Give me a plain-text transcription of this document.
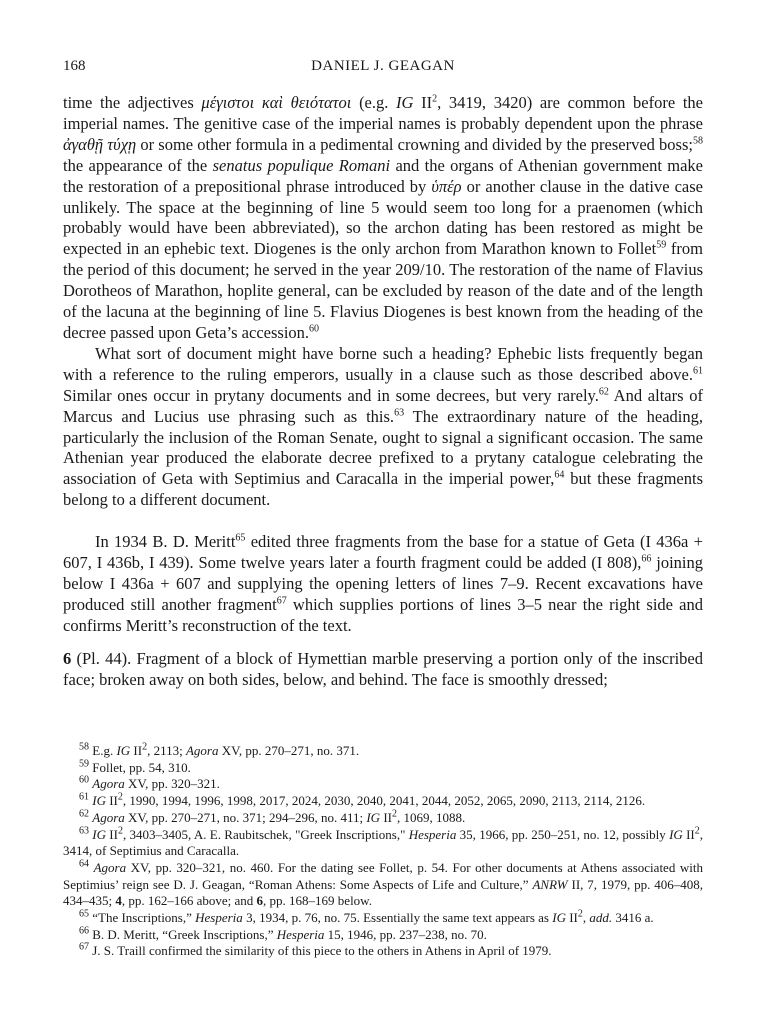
168	DANIEL J. GEAGAN

time the adjectives μέγιστοι καὶ θειότατοι (e.g. IG $II^2$, 3419, 3420) are common before the imperial names. The genitive case of the imperial names is probably dependent upon the phrase ἀγαθῇ τύχῃ or some other formula in a pedimental crowning and divided by the preserved boss;$^{58}$ the appearance of the senatus populique Romani and the organs of Athenian government make the restoration of a prepositional phrase introduced by ὑπέρ or another clause in the dative case unlikely. The space at the beginning of line 5 would seem too long for a praenomen (which probably would have been abbreviated), so the archon dating has been restored as might be expected in an ephebic text. Diogenes is the only archon from Marathon known to Follet$^{59}$ from the period of this document; he served in the year 209/10. The restoration of the name of Flavius Dorotheos of Marathon, hoplite general, can be excluded by reason of the date and of the length of the lacuna at the beginning of line 5. Flavius Diogenes is best known from the heading of the decree passed upon Geta’s accession.$^{60}$

What sort of document might have borne such a heading? Ephebic lists frequently began with a reference to the ruling emperors, usually in a clause such as those described above.$^{61}$ Similar ones occur in prytany documents and in some decrees, but very rarely.$^{62}$ And altars of Marcus and Lucius use phrasing such as this.$^{63}$ The extraordinary nature of the heading, particularly the inclusion of the Roman Senate, ought to signal a significant occasion. The same Athenian year produced the elaborate decree prefixed to a prytany catalogue celebrating the association of Geta with Septimius and Caracalla in the imperial power,$^{64}$ but these fragments belong to a different document.

In 1934 B. D. Meritt$^{65}$ edited three fragments from the base for a statue of Geta (I 436a + 607, I 436b, I 439). Some twelve years later a fourth fragment could be added (I 808),$^{66}$ joining below I 436a + 607 and supplying the opening letters of lines 7–9. Recent excavations have produced still another fragment$^{67}$ which supplies portions of lines 3–5 near the right side and confirms Meritt’s reconstruction of the text.

6 (Pl. 44). Fragment of a block of Hymettian marble preserving a portion only of the inscribed face; broken away on both sides, below, and behind. The face is smoothly dressed;

$^{58}$ E.g. IG $II^2$, 2113; Agora XV, pp. 270–271, no. 371.

$^{59}$ Follet, pp. 54, 310.

$^{60}$ Agora XV, pp. 320–321.

$^{61}$ IG $II^2$, 1990, 1994, 1996, 1998, 2017, 2024, 2030, 2040, 2041, 2044, 2052, 2065, 2090, 2113, 2114, 2126.

$^{62}$ Agora XV, pp. 270–271, no. 371; 294–296, no. 411; IG $II^2$, 1069, 1088.

$^{63}$ IG $II^2$, 3403–3405, A. E. Raubitschek, "Greek Inscriptions," Hesperia 35, 1966, pp. 250–251, no. 12, possibly IG $II^2$, 3414, of Septimius and Caracalla.

$^{64}$ Agora XV, pp. 320–321, no. 460. For the dating see Follet, p. 54. For other documents at Athens associated with Septimius’ reign see D. J. Geagan, “Roman Athens: Some Aspects of Life and Culture,” ANRW II, 7, 1979, pp. 406–408, 434–435; 4, pp. 162–166 above; and 6, pp. 168–169 below.

$^{65}$ “The Inscriptions,” Hesperia 3, 1934, p. 76, no. 75. Essentially the same text appears as IG $II^2$, add. 3416 a.

$^{66}$ B. D. Meritt, “Greek Inscriptions,” Hesperia 15, 1946, pp. 237–238, no. 70.

$^{67}$ J. S. Traill confirmed the similarity of this piece to the others in Athens in April of 1979.
